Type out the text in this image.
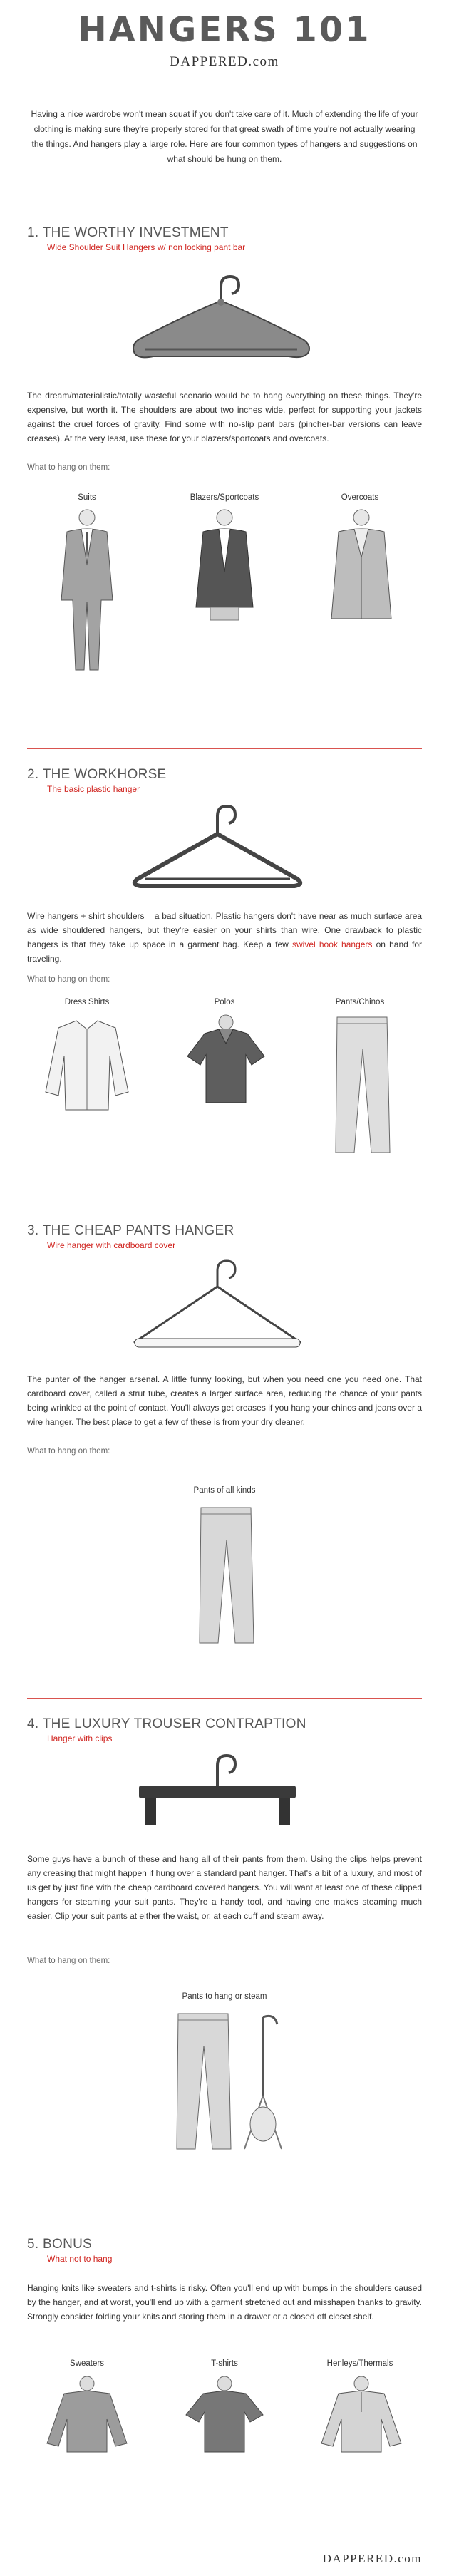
HANGERS 101
DAPPERED.com
Having a nice wardrobe won't mean squat if you don't take care of it. Much of extending the life of your clothing is making sure they're properly stored for that great swath of time you're not actually wearing the things. And hangers play a large role. Here are four common types of hangers and suggestions on what should be hung on them.
1. THE WORTHY INVESTMENT
Wide Shoulder Suit Hangers w/ non locking pant bar
The dream/materialistic/totally wasteful scenario would be to hang everything on these things. They're expensive, but worth it. The shoulders are about two inches wide, perfect for supporting your jackets against the cruel forces of gravity. Find some with no-slip pant bars (pincher-bar versions can leave creases). At the very least, use these for your blazers/sportcoats and overcoats.
What to hang on them:
Suits	Blazers/Sportcoats	Overcoats
2. THE WORKHORSE
The basic plastic hanger
Wire hangers + shirt shoulders = a bad situation. Plastic hangers don't have near as much surface area as wide shouldered hangers, but they're easier on your shirts than wire. One drawback to plastic hangers is that they take up space in a garment bag. Keep a few swivel hook hangers on hand for traveling.
What to hang on them:
Dress Shirts	Polos	Pants/Chinos
3. THE CHEAP PANTS HANGER
Wire hanger with cardboard cover
The punter of the hanger arsenal. A little funny looking, but when you need one you need one. That cardboard cover, called a strut tube, creates a larger surface area, reducing the chance of your pants being wrinkled at the point of contact. You'll always get creases if you hang your chinos and jeans over a wire hanger. The best place to get a few of these is from your dry cleaner.
What to hang on them:
Pants of all kinds
4. THE LUXURY TROUSER CONTRAPTION
Hanger with clips
Some guys have a bunch of these and hang all of their pants from them. Using the clips helps prevent any creasing that might happen if hung over a standard pant hanger. That's a bit of a luxury, and most of us get by just fine with the cheap cardboard covered hangers. You will want at least one of these clipped hangers for steaming your suit pants. They're a handy tool, and having one makes steaming much easier. Clip your suit pants at either the waist, or, at each cuff and steam away.
What to hang on them:
Pants to hang or steam
5. BONUS
What not to hang
Hanging knits like sweaters and t-shirts is risky. Often you'll end up with bumps in the shoulders caused by the hanger, and at worst, you'll end up with a garment stretched out and misshapen thanks to gravity. Strongly consider folding your knits and storing them in a drawer or a closed off closet shelf.
Sweaters	T-shirts	Henleys/Thermals
DAPPERED.com
